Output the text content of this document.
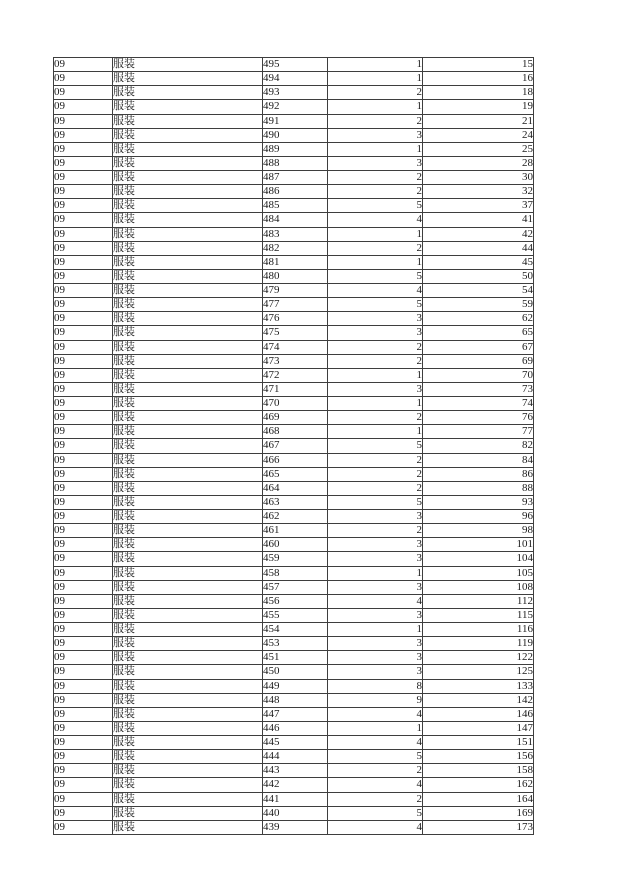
09	服装	495	1	15
09	服装	494	1	16
09	服装	493	2	18
09	服装	492	1	19
09	服装	491	2	21
09	服装	490	3	24
09	服装	489	1	25
09	服装	488	3	28
09	服装	487	2	30
09	服装	486	2	32
09	服装	485	5	37
09	服装	484	4	41
09	服装	483	1	42
09	服装	482	2	44
09	服装	481	1	45
09	服装	480	5	50
09	服装	479	4	54
09	服装	477	5	59
09	服装	476	3	62
09	服装	475	3	65
09	服装	474	2	67
09	服装	473	2	69
09	服装	472	1	70
09	服装	471	3	73
09	服装	470	1	74
09	服装	469	2	76
09	服装	468	1	77
09	服装	467	5	82
09	服装	466	2	84
09	服装	465	2	86
09	服装	464	2	88
09	服装	463	5	93
09	服装	462	3	96
09	服装	461	2	98
09	服装	460	3	101
09	服装	459	3	104
09	服装	458	1	105
09	服装	457	3	108
09	服装	456	4	112
09	服装	455	3	115
09	服装	454	1	116
09	服装	453	3	119
09	服装	451	3	122
09	服装	450	3	125
09	服装	449	8	133
09	服装	448	9	142
09	服装	447	4	146
09	服装	446	1	147
09	服装	445	4	151
09	服装	444	5	156
09	服装	443	2	158
09	服装	442	4	162
09	服装	441	2	164
09	服装	440	5	169
09	服装	439	4	173
